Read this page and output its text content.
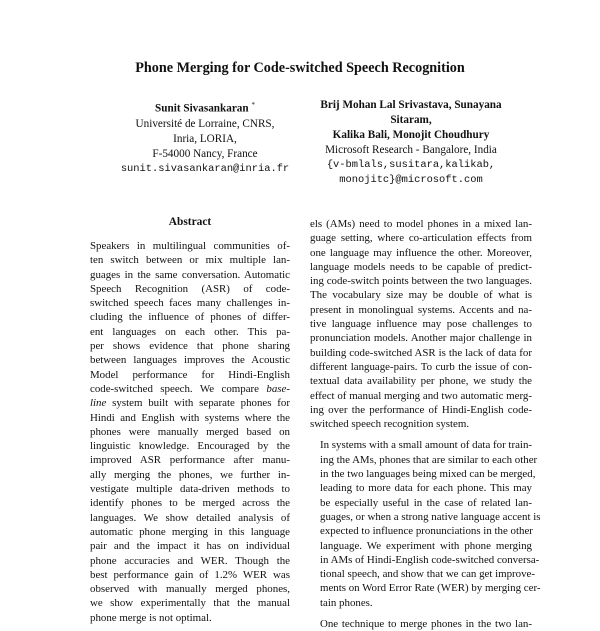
Phone Merging for Code-switched Speech Recognition
Sunit Sivasankaran *
Université de Lorraine, CNRS,
Inria, LORIA,
F-54000 Nancy, France
sunit.sivasankaran@inria.fr
Brij Mohan Lal Srivastava, Sunayana Sitaram,
Kalika Bali, Monojit Choudhury
Microsoft Research - Bangalore, India
{v-bmlals,susitara,kalikab,
monojitc}@microsoft.com
Abstract
Speakers in multilingual communities of-
ten switch between or mix multiple lan-
guages in the same conversation. Automatic
Speech Recognition (ASR) of code-
switched speech faces many challenges in-
cluding the influence of phones of differ-
ent languages on each other. This pa-
per shows evidence that phone sharing
between languages improves the Acoustic
Model performance for Hindi-English
code-switched speech. We compare base-
line system built with separate phones for
Hindi and English with systems where the
phones were manually merged based on
linguistic knowledge. Encouraged by the
improved ASR performance after manu-
ally merging the phones, we further in-
vestigate multiple data-driven methods to
identify phones to be merged across the
languages. We show detailed analysis of
automatic phone merging in this language
pair and the impact it has on individual
phone accuracies and WER. Though the
best performance gain of 1.2% WER was
observed with manually merged phones,
we show experimentally that the manual
phone merge is not optimal.
els (AMs) need to model phones in a mixed lan-
guage setting, where co-articulation effects from
one language may influence the other. Moreover,
language models needs to be capable of predict-
ing code-switch points between the two languages.
The vocabulary size may be double of what is
present in monolingual systems. Accents and na-
tive language influence may pose challenges to
pronunciation models. Another major challenge in
building code-switched ASR is the lack of data for
different language-pairs. To curb the issue of con-
textual data availability per phone, we study the
effect of manual merging and two automatic merg-
ing over the performance of Hindi-English code-
switched speech recognition system.
In systems with a small amount of data for train-
ing the AMs, phones that are similar to each other
in the two languages being mixed can be merged,
leading to more data for each phone. This may
be especially useful in the case of related lan-
guages, or when a strong native language accent is
expected to influence pronunciations in the other
language. We experiment with phone merging
in AMs of Hindi-English code-switched conversa-
tional speech, and show that we can get improve-
ments on Word Error Rate (WER) by merging cer-
tain phones.
One technique to merge phones in the two lan-
